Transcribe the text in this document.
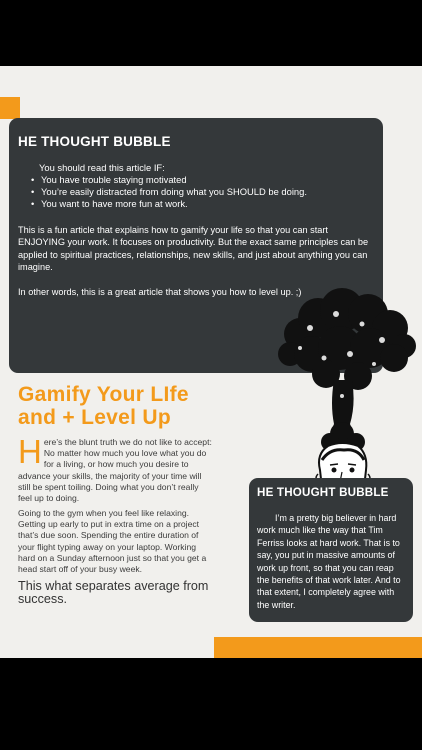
HE THOUGHT BUBBLE
You should read this article IF:
• You have trouble staying motivated
• You’re easily distracted from doing what you SHOULD be doing.
• You want to have more fun at work.

This is a fun article that explains how to gamify your life so that you can start ENJOYING your work. It focuses on productivity. But the exact same principles can be applied to spiritual practices, relationships, new skills, and just about anything you can imagine.

In other words, this is a great article that shows you how to level up. ;)

Gamify Your LIfe
and + Level Up

Here’s the blunt truth we do not like to accept: No matter how much you love what you do for a living, or how much you desire to advance your skills, the majority of your time will still be spent toiling. Doing what you don’t really feel up to doing.

Going to the gym when you feel like relaxing. Getting up early to put in extra time on a project that’s due soon. Spending the entire duration of your flight typing away on your laptop. Working hard on a Sunday afternoon just so that you get a head start off of your busy week.

This what separates average from success.

HE THOUGHT BUBBLE

I’m a pretty big believer in hard work much like the way that Tim Ferriss looks at hard work. That is to say, you put in massive amounts of work up front, so that you can reap the benefits of that work later. And to that extent, I completely agree with the writer.
